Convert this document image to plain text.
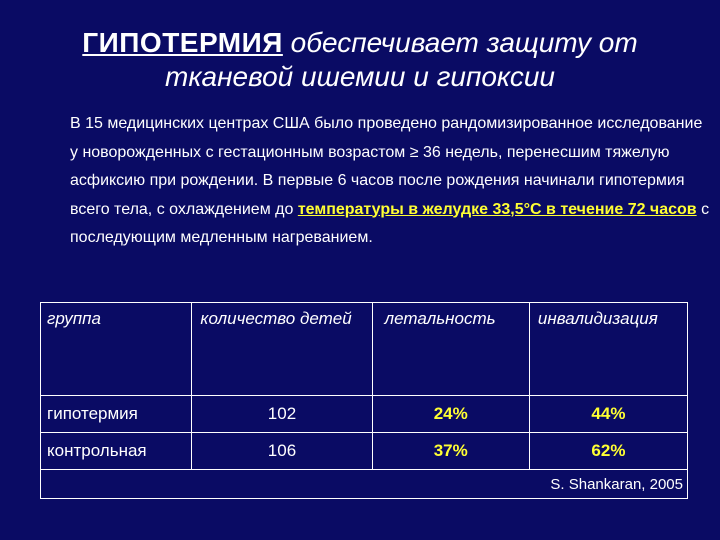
ГИПОТЕРМИЯ обеспечивает защиту от
тканевой ишемии и гипоксии
В 15 медицинских центрах США было проведено рандомизированное исследование у новорожденных с гестационным возрастом ≥ 36 недель, перенесшим тяжелую асфиксию при рождении. В первые 6 часов после рождения начинали гипотермия всего тела, с охлаждением до температуры в желудке 33,5°С в течение 72 часов с последующим медленным нагреванием.
группа	количество детей	летальность	инвалидизация
гипотермия	102	24%	44%
контрольная	106	37%	62%
S. Shankaran, 2005			
